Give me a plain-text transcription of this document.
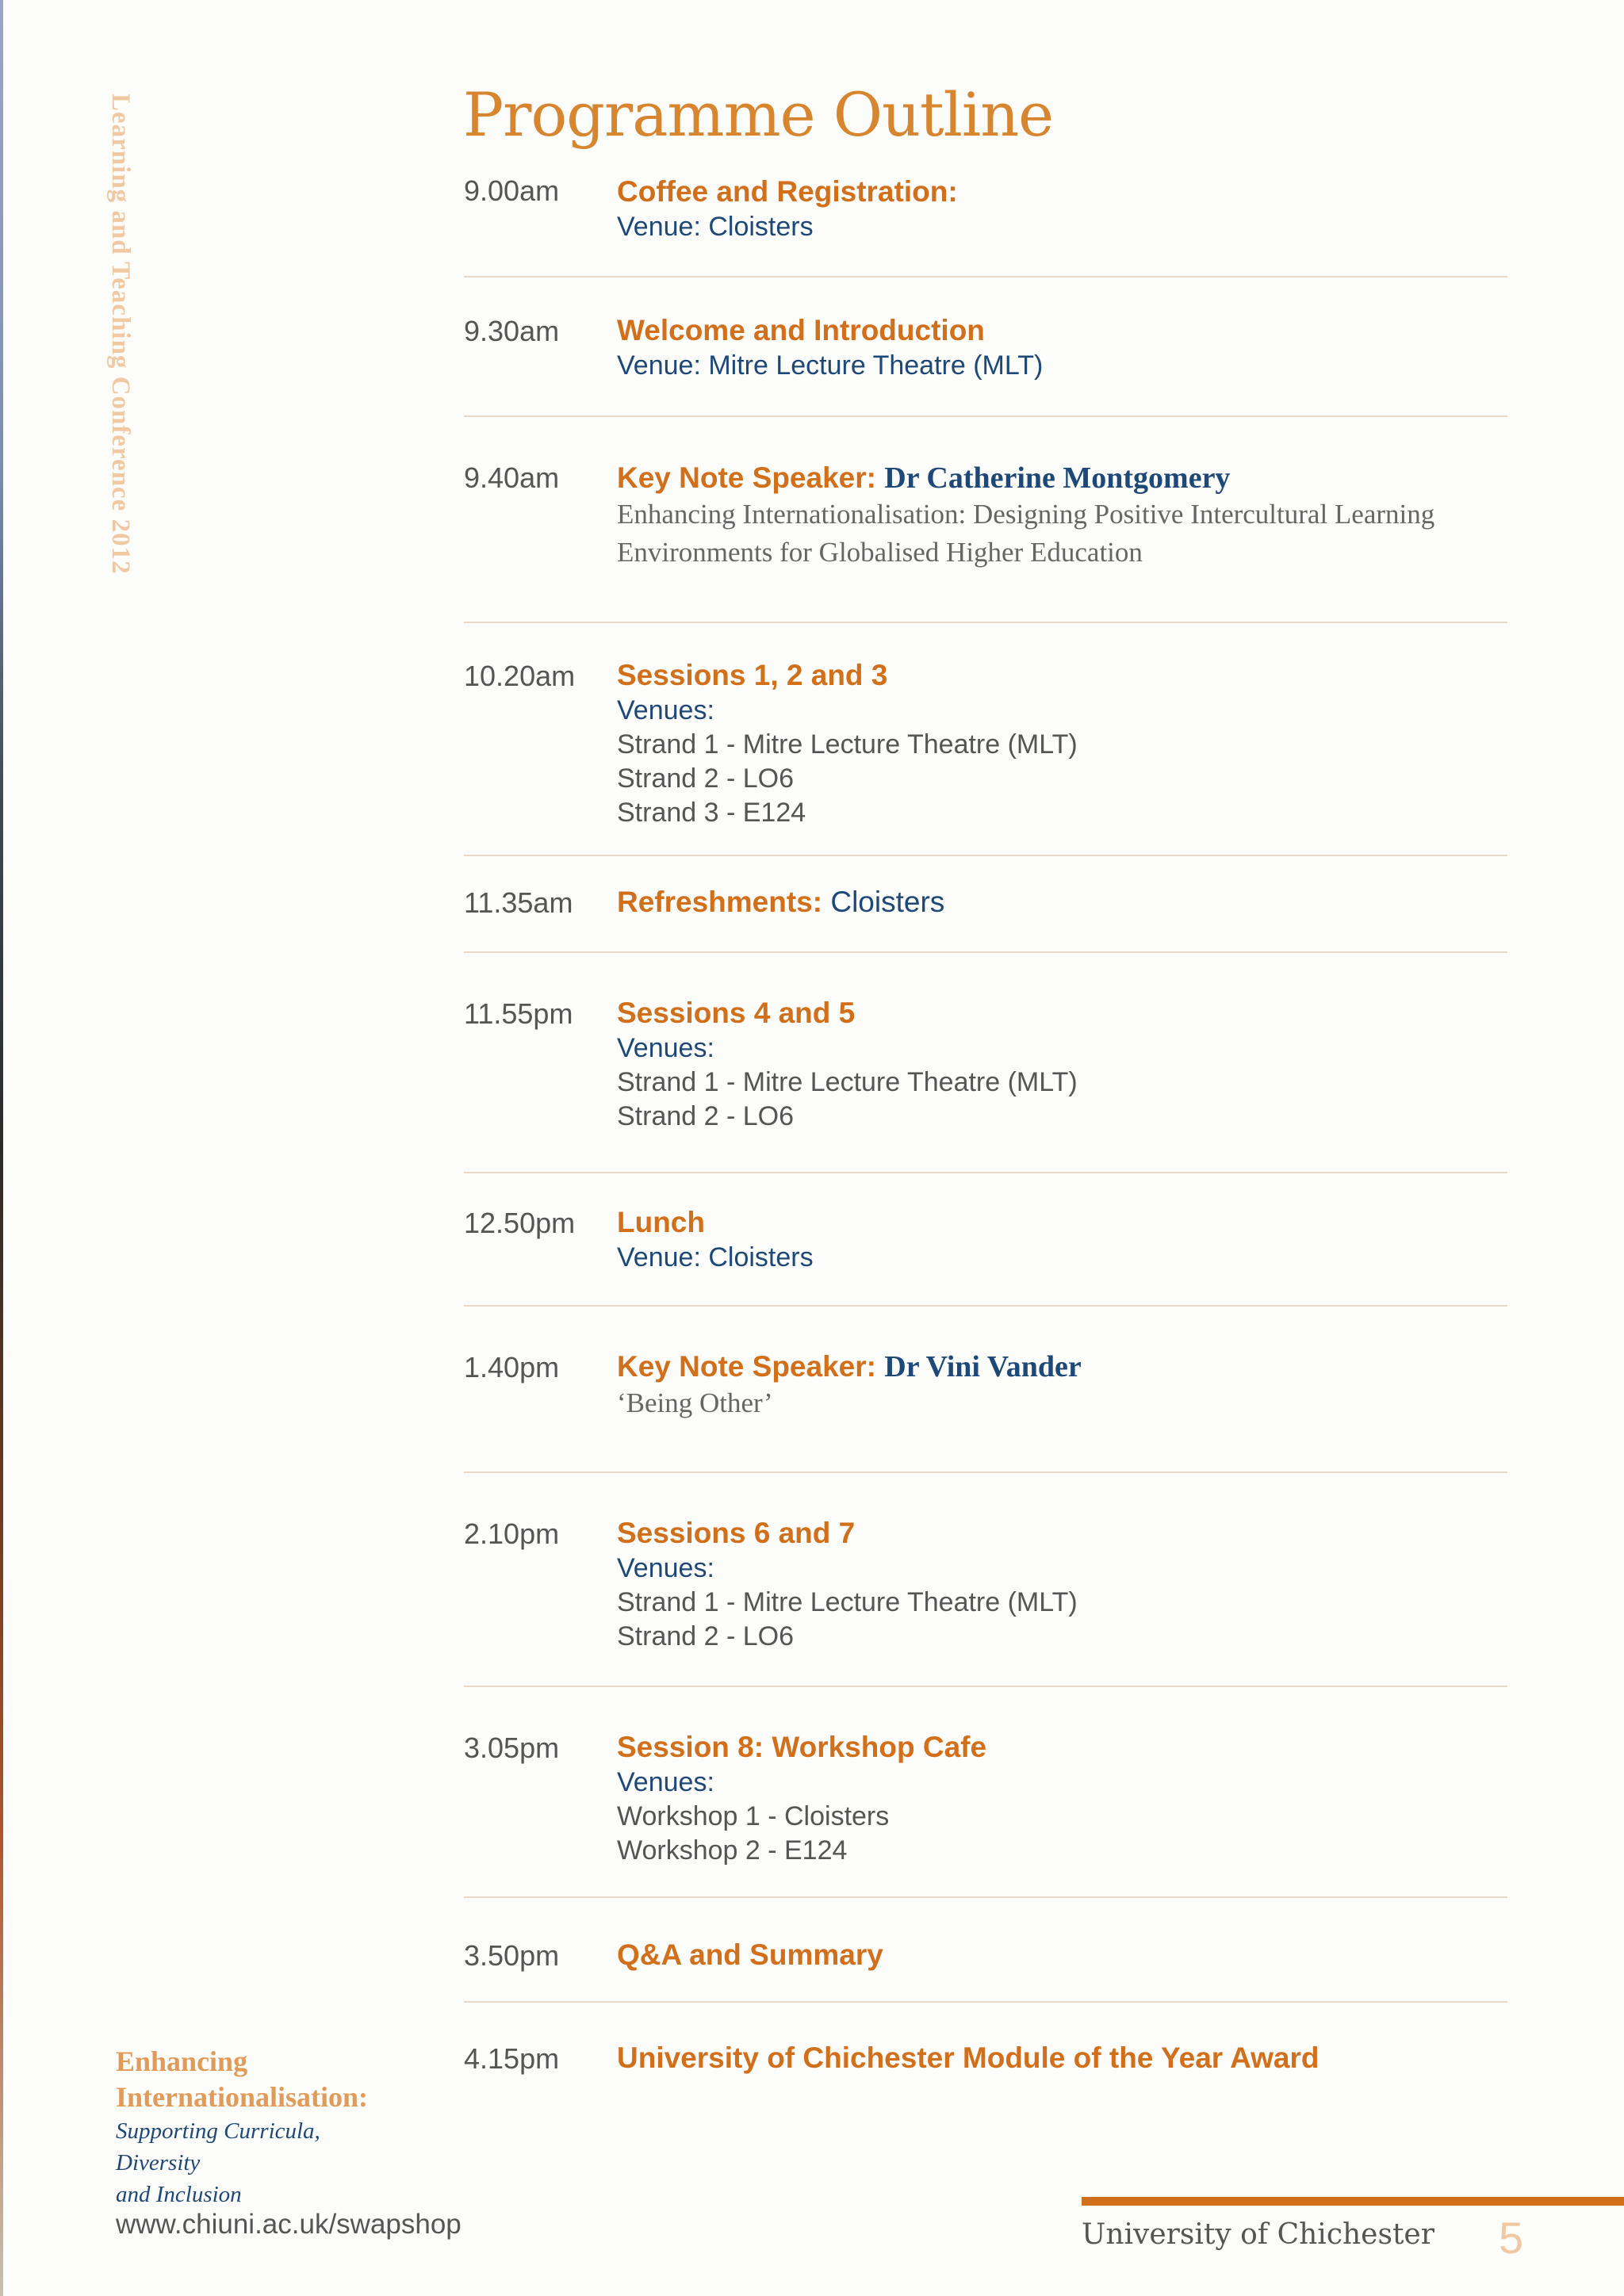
Learning and Teaching Conference 2012	Programme Outline
9.00am Coffee and Registration:
Venue: Cloisters
9.30am Welcome and Introduction
Venue: Mitre Lecture Theatre (MLT)
9.40am Key Note Speaker: Dr Catherine Montgomery
Enhancing Internationalisation: Designing Positive Intercultural Learning Environments for Globalised Higher Education
10.20am Sessions 1, 2 and 3
Venues:
Strand 1 - Mitre Lecture Theatre (MLT)
Strand 2 - LO6
Strand 3 - E124
11.35am Refreshments: Cloisters
11.55pm Sessions 4 and 5
Venues:
Strand 1 - Mitre Lecture Theatre (MLT)
Strand 2 - LO6
12.50pm Lunch
Venue: Cloisters
1.40pm Key Note Speaker: Dr Vini Vander
‘Being Other’
2.10pm Sessions 6 and 7
Venues:
Strand 1 - Mitre Lecture Theatre (MLT)
Strand 2 - LO6
3.05pm Session 8: Workshop Cafe
Venues:
Workshop 1 - Cloisters
Workshop 2 - E124
3.50pm Q&A and Summary
4.15pm University of Chichester Module of the Year Award
Enhancing
Internationalisation:
Supporting Curricula, Diversity
and Inclusion
www.chiuni.ac.uk/swapshop	University of Chichester 5
